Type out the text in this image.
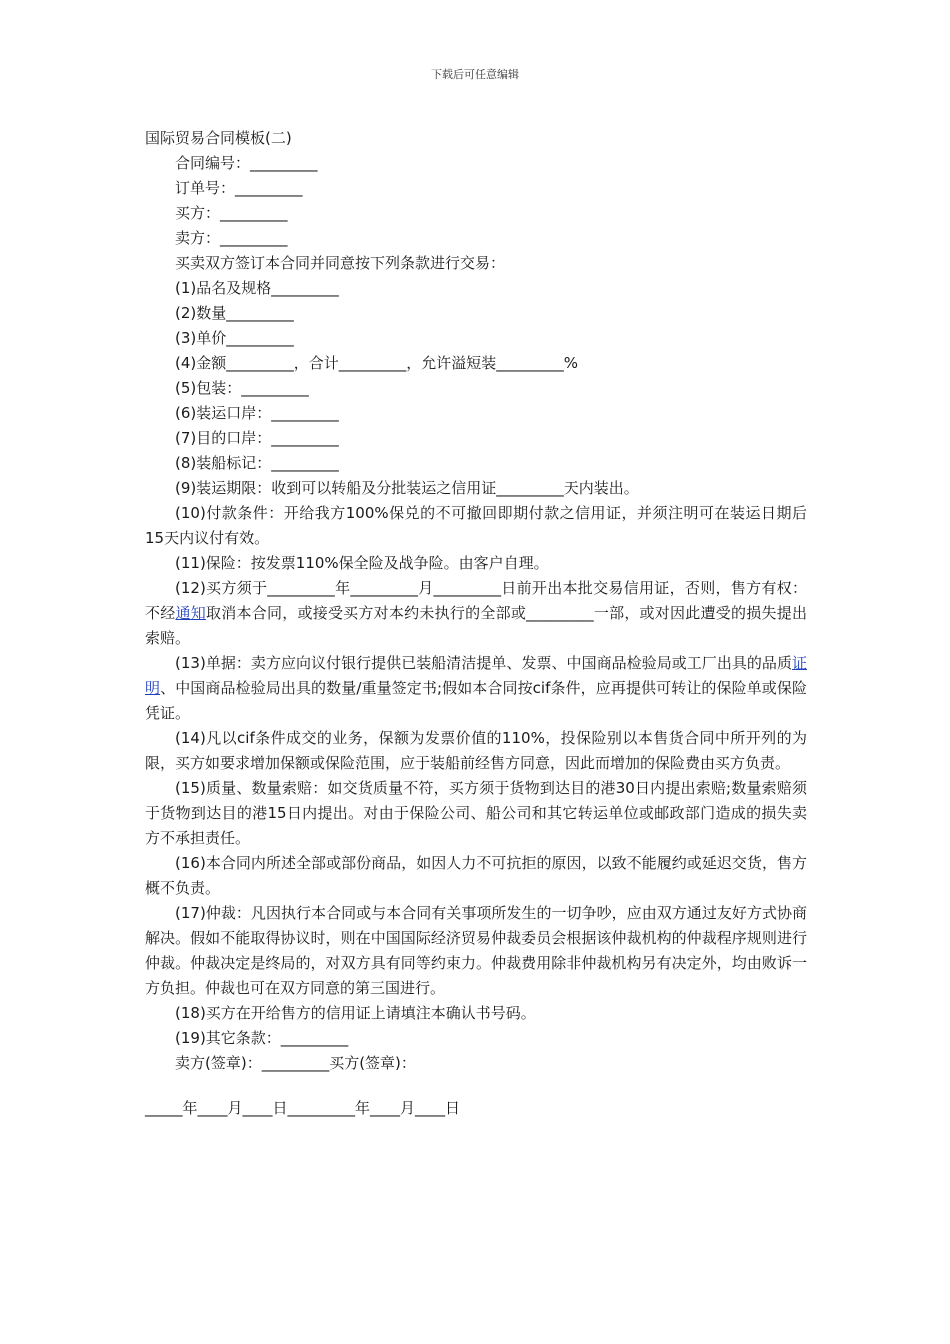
下载后可任意编辑

国际贸易合同模板(二)

合同编号：_________

订单号：_________

买方：_________

卖方：_________

买卖双方签订本合同并同意按下列条款进行交易：

(1)品名及规格_________

(2)数量_________

(3)单价_________

(4)金额_________，合计_________，允许溢短装_________%

(5)包装：_________

(6)装运口岸：_________

(7)目的口岸：_________

(8)装船标记：_________

(9)装运期限：收到可以转船及分批装运之信用证_________天内装出。

(10)付款条件：开给我方100%保兑的不可撤回即期付款之信用证，并须注明可在装运日期后15天内议付有效。

(11)保险：按发票110%保全险及战争险。由客户自理。

(12)买方须于_________年_________月_________日前开出本批交易信用证，否则，售方有权：不经通知取消本合同，或接受买方对本约未执行的全部或_________一部，或对因此遭受的损失提出索赔。

(13)单据：卖方应向议付银行提供已装船清洁提单、发票、中国商品检验局或工厂出具的品质证明、中国商品检验局出具的数量/重量签定书;假如本合同按cif条件，应再提供可转让的保险单或保险凭证。

(14)凡以cif条件成交的业务，保额为发票价值的110%，投保险别以本售货合同中所开列的为限，买方如要求增加保额或保险范围，应于装船前经售方同意，因此而增加的保险费由买方负责。

(15)质量、数量索赔：如交货质量不符，买方须于货物到达目的港30日内提出索赔;数量索赔须于货物到达目的港15日内提出。对由于保险公司、船公司和其它转运单位或邮政部门造成的损失卖方不承担责任。

(16)本合同内所述全部或部份商品，如因人力不可抗拒的原因，以致不能履约或延迟交货，售方概不负责。

(17)仲裁：凡因执行本合同或与本合同有关事项所发生的一切争吵，应由双方通过友好方式协商解决。假如不能取得协议时，则在中国国际经济贸易仲裁委员会根据该仲裁机构的仲裁程序规则进行仲裁。仲裁决定是终局的，对双方具有同等约束力。仲裁费用除非仲裁机构另有决定外，均由败诉一方负担。仲裁也可在双方同意的第三国进行。

(18)买方在开给售方的信用证上请填注本确认书号码。

(19)其它条款：_________

卖方(签章)：_________买方(签章)：

_____年____月____日_________年____月____日
